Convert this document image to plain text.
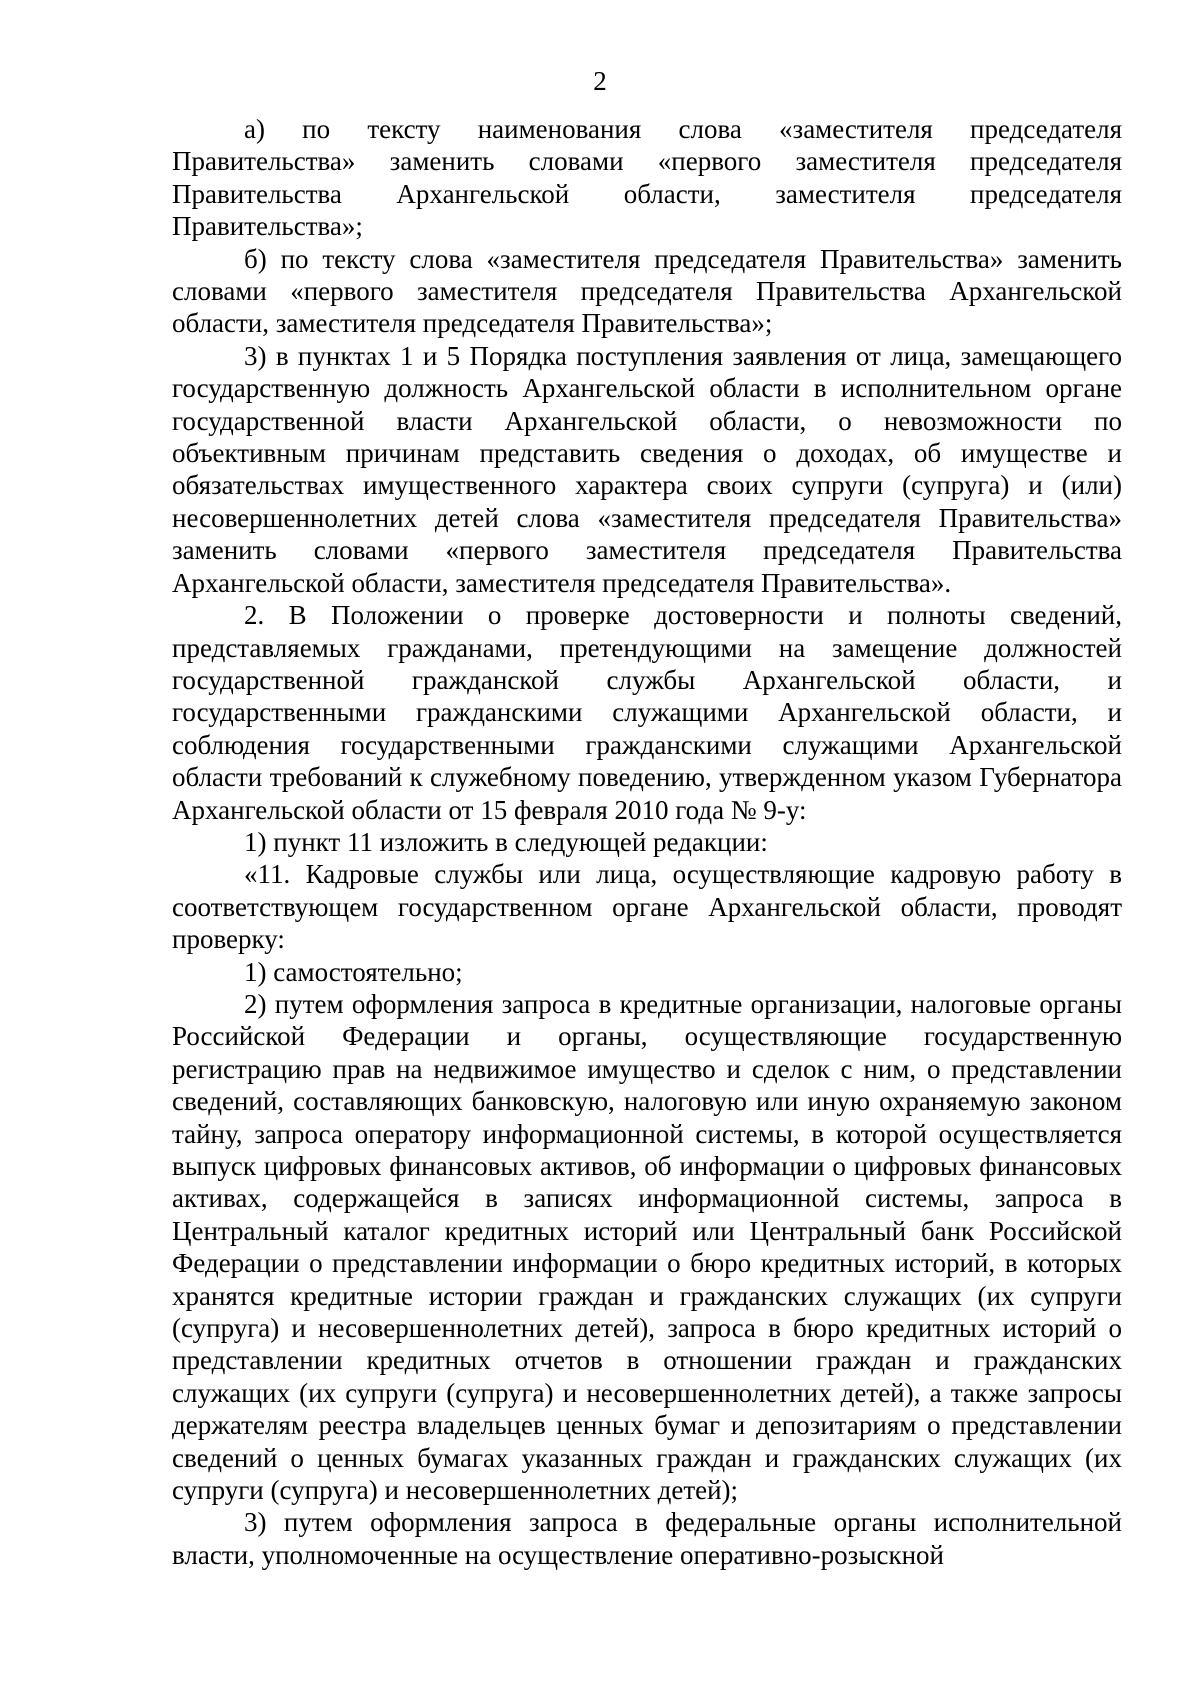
2

а) по тексту наименования слова «заместителя председателя Правительства» заменить словами «первого заместителя председателя Правительства Архангельской области, заместителя председателя Правительства»;

б) по тексту слова «заместителя председателя Правительства» заменить словами «первого заместителя председателя Правительства Архангельской области, заместителя председателя Правительства»;

3) в пунктах 1 и 5 Порядка поступления заявления от лица, замещающего государственную должность Архангельской области в исполнительном органе государственной власти Архангельской области, о невозможности по объективным причинам представить сведения о доходах, об имуществе и обязательствах имущественного характера своих супруги (супруга) и (или) несовершеннолетних детей слова «заместителя председателя Правительства» заменить словами «первого заместителя председателя Правительства Архангельской области, заместителя председателя Правительства».

2. В Положении о проверке достоверности и полноты сведений, представляемых гражданами, претендующими на замещение должностей государственной гражданской службы Архангельской области, и государственными гражданскими служащими Архангельской области, и соблюдения государственными гражданскими служащими Архангельской области требований к служебному поведению, утвержденном указом Губернатора Архангельской области от 15 февраля 2010 года № 9-у:

1) пункт 11 изложить в следующей редакции:

«11. Кадровые службы или лица, осуществляющие кадровую работу в соответствующем государственном органе Архангельской области, проводят проверку:

1) самостоятельно;

2) путем оформления запроса в кредитные организации, налоговые органы Российской Федерации и органы, осуществляющие государственную регистрацию прав на недвижимое имущество и сделок с ним, о представлении сведений, составляющих банковскую, налоговую или иную охраняемую законом тайну, запроса оператору информационной системы, в которой осуществляется выпуск цифровых финансовых активов, об информации о цифровых финансовых активах, содержащейся в записях информационной системы, запроса в Центральный каталог кредитных историй или Центральный банк Российской Федерации о представлении информации о бюро кредитных историй, в которых хранятся кредитные истории граждан и гражданских служащих (их супруги (супруга) и несовершеннолетних детей), запроса в бюро кредитных историй о представлении кредитных отчетов в отношении граждан и гражданских служащих (их супруги (супруга) и несовершеннолетних детей), а также запросы держателям реестра владельцев ценных бумаг и депозитариям о представлении сведений о ценных бумагах указанных граждан и гражданских служащих (их супруги (супруга) и несовершеннолетних детей);

3) путем оформления запроса в федеральные органы исполнительной власти, уполномоченные на осуществление оперативно-розыскной
